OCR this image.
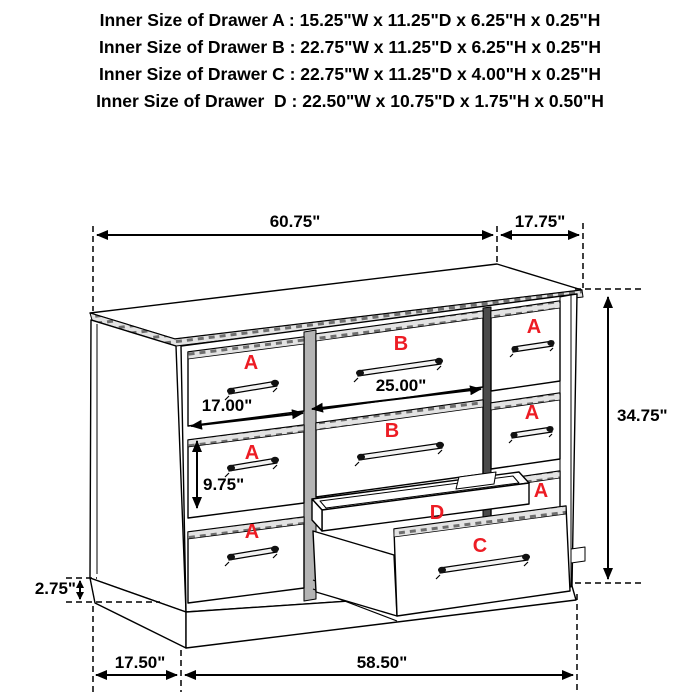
Inner Size of Drawer A : 15.25"W x 11.25"D x 6.25"H x 0.25"H
Inner Size of Drawer B : 22.75"W x 11.25"D x 6.25"H x 0.25"H
Inner Size of Drawer C : 22.75"W x 11.25"D x 4.00"H x 0.25"H
Inner Size of Drawer  D : 22.50"W x 10.75"D x 1.75"H x 0.50"H
A
A
A
B
B
A
A
A
D
C
60.75"	17.75"
34.75"
25.00"
17.00"
9.75"
2.75"
17.50"	58.50"
